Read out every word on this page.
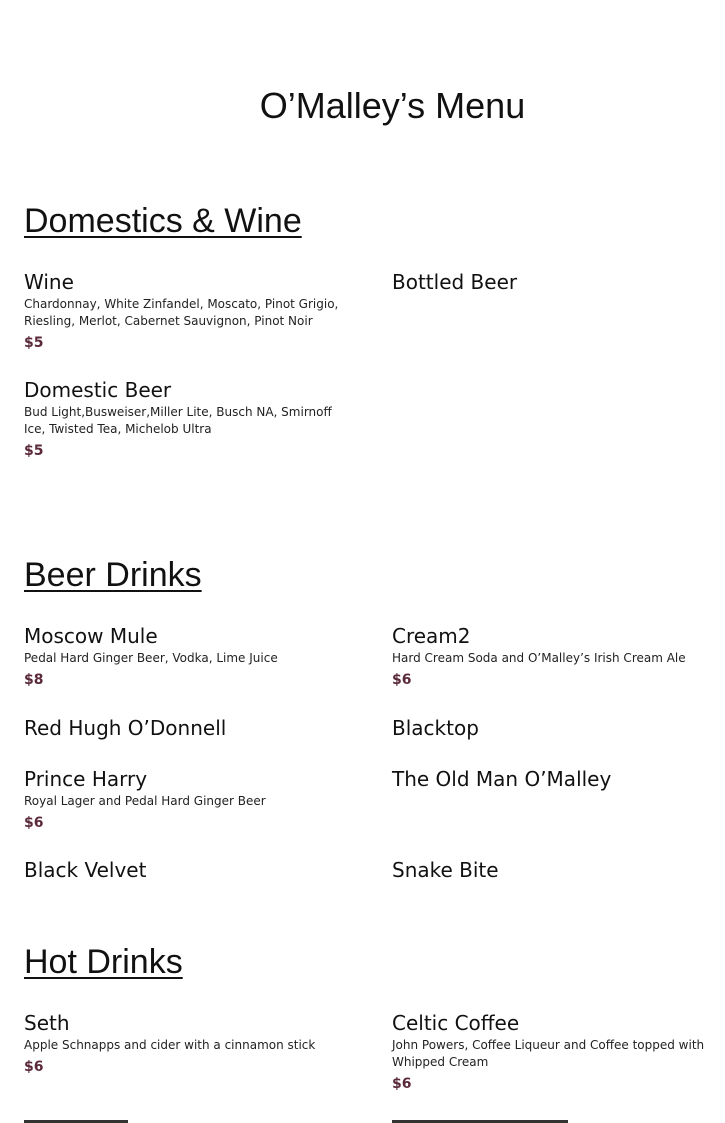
O’Malley’s Menu
Domestics & Wine
Wine
Chardonnay, White Zinfandel, Moscato, Pinot Grigio, Riesling, Merlot, Cabernet Sauvignon, Pinot Noir
$5
Bottled Beer
Domestic Beer
Bud Light,Busweiser,Miller Lite, Busch NA, Smirnoff Ice, Twisted Tea, Michelob Ultra
$5
Beer Drinks
Moscow Mule
Pedal Hard Ginger Beer, Vodka, Lime Juice
$8
Cream2
Hard Cream Soda and O’Malley’s Irish Cream Ale
$6
Red Hugh O’Donnell	Blacktop
Prince Harry
Royal Lager and Pedal Hard Ginger Beer
$6
The Old Man O’Malley
Black Velvet	Snake Bite
Hot Drinks
Seth
Apple Schnapps and cider with a cinnamon stick
$6
Celtic Coffee
John Powers, Coffee Liqueur and Coffee topped with Whipped Cream
$6
